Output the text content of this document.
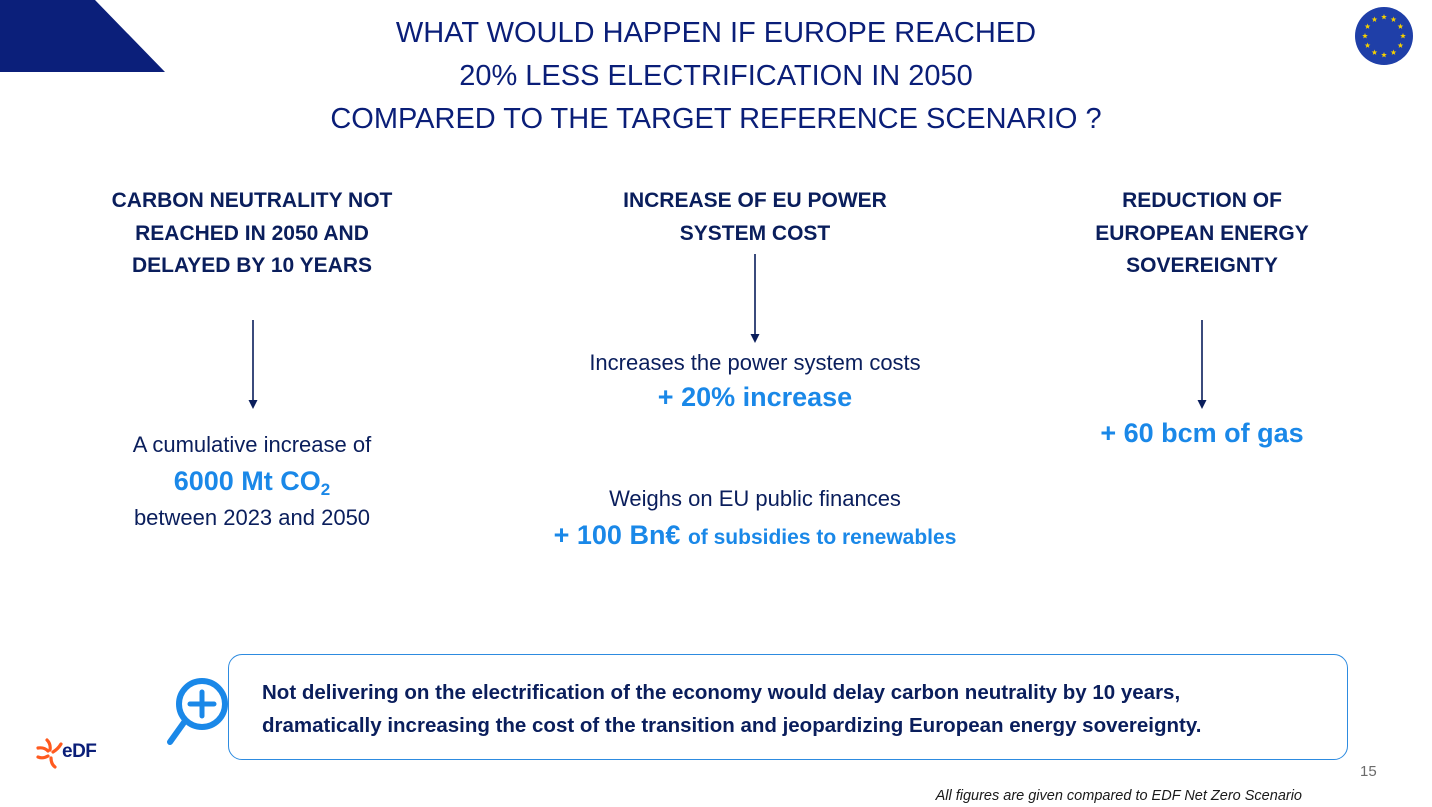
WHAT WOULD HAPPEN IF EUROPE REACHED
20% LESS ELECTRIFICATION IN 2050
COMPARED TO THE TARGET REFERENCE SCENARIO ?
CARBON NEUTRALITY NOT
REACHED IN 2050 AND
DELAYED BY 10 YEARS
A cumulative increase of
6000 Mt $CO_2$
between 2023 and 2050
INCREASE OF EU POWER
SYSTEM COST
Increases the power system costs
+ 20% increase
Weighs on EU public finances
+ 100 Bn€ of subsidies to renewables
REDUCTION OF
EUROPEAN ENERGY
SOVEREIGNTY
+ 60 bcm of gas
Not delivering on the electrification of the economy would delay carbon neutrality by 10 years,
dramatically increasing the cost of the transition and jeopardizing European energy sovereignty.
eDF
15
All figures are given compared to EDF Net Zero Scenario
